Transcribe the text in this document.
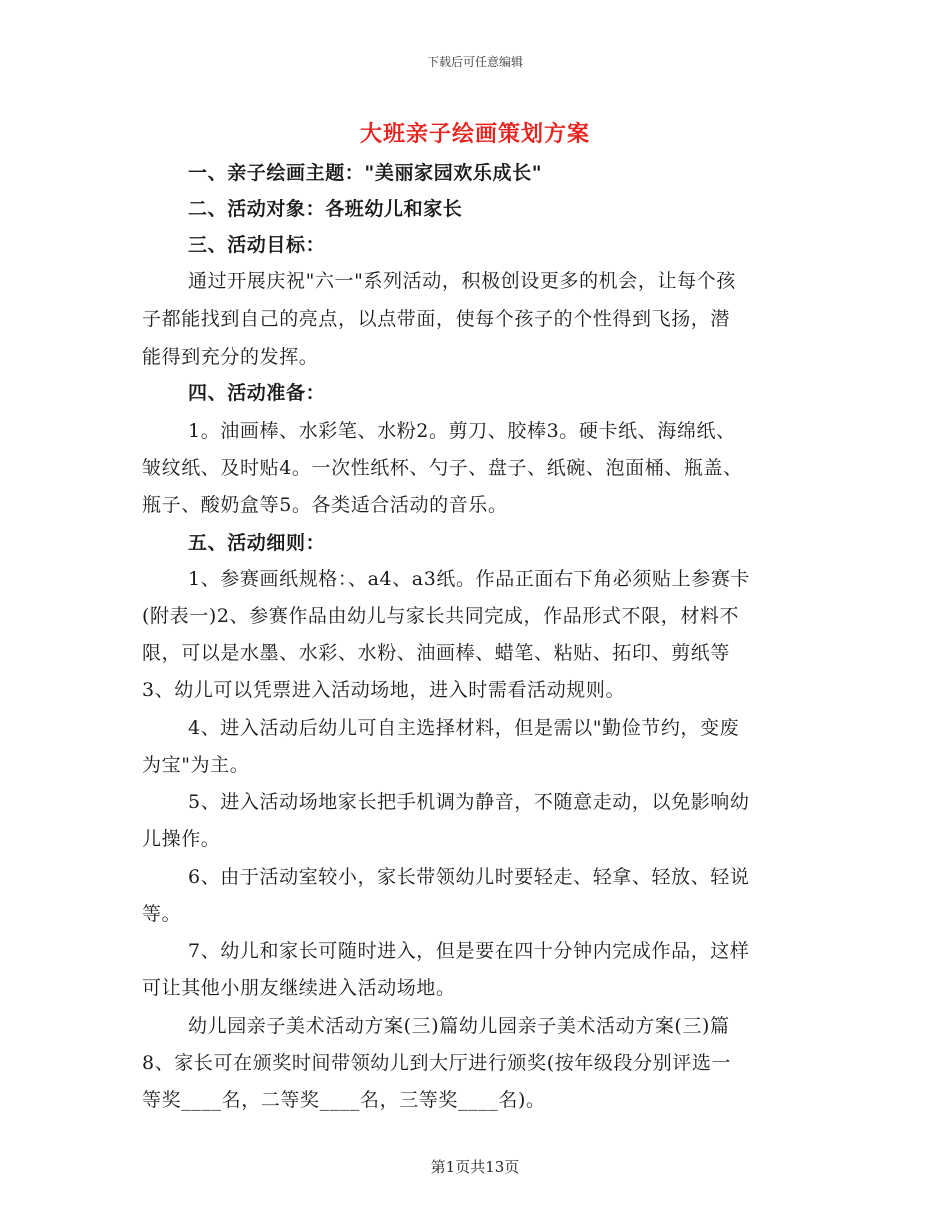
下载后可任意编辑
大班亲子绘画策划方案
一、亲子绘画主题："美丽家园欢乐成长"
二、活动对象：各班幼儿和家长
三、活动目标：
通过开展庆祝"六一"系列活动，积极创设更多的机会，让每个孩
子都能找到自己的亮点，以点带面，使每个孩子的个性得到飞扬，潜
能得到充分的发挥。
四、活动准备：
1。油画棒、水彩笔、水粉2。剪刀、胶棒3。硬卡纸、海绵纸、
皱纹纸、及时贴4。一次性纸杯、勺子、盘子、纸碗、泡面桶、瓶盖、
瓶子、酸奶盒等5。各类适合活动的音乐。
五、活动细则：
1、参赛画纸规格：、a4、a3纸。作品正面右下角必须贴上参赛卡
(附表一)2、参赛作品由幼儿与家长共同完成，作品形式不限，材料不
限，可以是水墨、水彩、水粉、油画棒、蜡笔、粘贴、拓印、剪纸等
3、幼儿可以凭票进入活动场地，进入时需看活动规则。
4、进入活动后幼儿可自主选择材料，但是需以"勤俭节约，变废
为宝"为主。
5、进入活动场地家长把手机调为静音，不随意走动，以免影响幼
儿操作。
6、由于活动室较小，家长带领幼儿时要轻走、轻拿、轻放、轻说
等。
7、幼儿和家长可随时进入，但是要在四十分钟内完成作品，这样
可让其他小朋友继续进入活动场地。
幼儿园亲子美术活动方案(三)篇幼儿园亲子美术活动方案(三)篇
8、家长可在颁奖时间带领幼儿到大厅进行颁奖(按年级段分别评选一
等奖____名，二等奖____名，三等奖____名)。
第1页共13页
